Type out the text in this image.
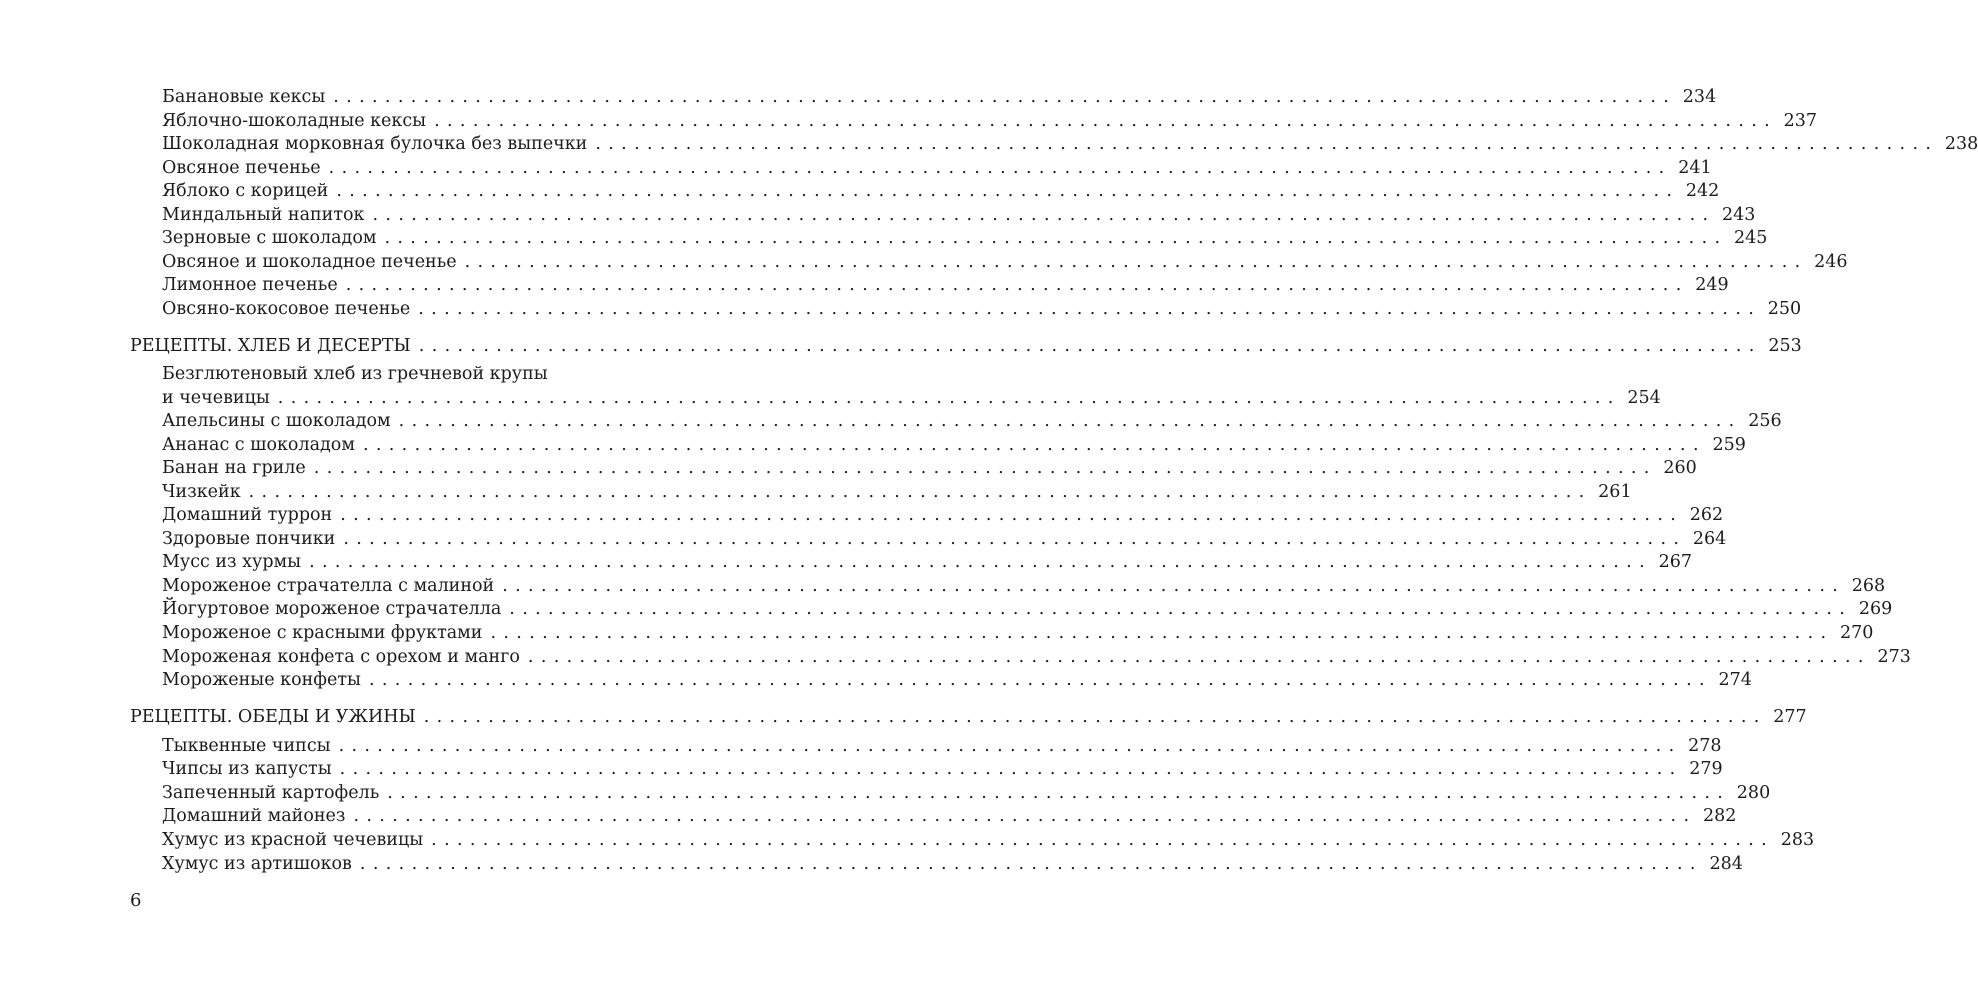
Банановые кексы ........................................................................................................ 234
Яблочно-шоколадные кексы ........................................................................................................ 237
Шоколадная морковная булочка без выпечки ........................................................................................................ 238
Овсяное печенье ........................................................................................................ 241
Яблоко с корицей ........................................................................................................ 242
Миндальный напиток ........................................................................................................ 243
Зерновые с шоколадом ........................................................................................................ 245
Овсяное и шоколадное печенье ........................................................................................................ 246
Лимонное печенье ........................................................................................................ 249
Овсяно-кокосовое печенье ........................................................................................................ 250
РЕЦЕПТЫ. ХЛЕБ И ДЕСЕРТЫ ........................................................................................................ 253
Безглютеновый хлеб из гречневой крупы
и чечевицы ........................................................................................................ 254
Апельсины с шоколадом ........................................................................................................ 256
Ананас с шоколадом ........................................................................................................ 259
Банан на гриле ........................................................................................................ 260
Чизкейк ........................................................................................................ 261
Домашний туррон ........................................................................................................ 262
Здоровые пончики ........................................................................................................ 264
Мусс из хурмы ........................................................................................................ 267
Мороженое страчателла с малиной ........................................................................................................ 268
Йогуртовое мороженое страчателла ........................................................................................................ 269
Мороженое с красными фруктами ........................................................................................................ 270
Мороженая конфета с орехом и манго ........................................................................................................ 273
Мороженые конфеты ........................................................................................................ 274
РЕЦЕПТЫ. ОБЕДЫ И УЖИНЫ ........................................................................................................ 277
Тыквенные чипсы ........................................................................................................ 278
Чипсы из капусты ........................................................................................................ 279
Запеченный картофель ........................................................................................................ 280
Домашний майонез ........................................................................................................ 282
Хумус из красной чечевицы ........................................................................................................ 283
Хумус из артишоков ........................................................................................................ 284
6
